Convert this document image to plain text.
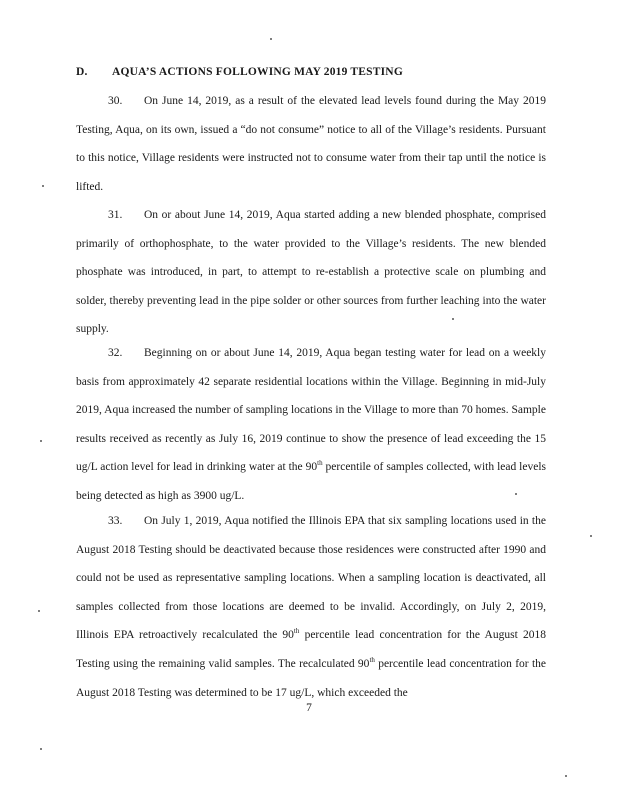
D. AQUA’S ACTIONS FOLLOWING MAY 2019 TESTING
30. On June 14, 2019, as a result of the elevated lead levels found during the May 2019 Testing, Aqua, on its own, issued a “do not consume” notice to all of the Village’s residents. Pursuant to this notice, Village residents were instructed not to consume water from their tap until the notice is lifted.
31. On or about June 14, 2019, Aqua started adding a new blended phosphate, comprised primarily of orthophosphate, to the water provided to the Village’s residents. The new blended phosphate was introduced, in part, to attempt to re-establish a protective scale on plumbing and solder, thereby preventing lead in the pipe solder or other sources from further leaching into the water supply.
32. Beginning on or about June 14, 2019, Aqua began testing water for lead on a weekly basis from approximately 42 separate residential locations within the Village. Beginning in mid-July 2019, Aqua increased the number of sampling locations in the Village to more than 70 homes. Sample results received as recently as July 16, 2019 continue to show the presence of lead exceeding the 15 ug/L action level for lead in drinking water at the 90th percentile of samples collected, with lead levels being detected as high as 3900 ug/L.
33. On July 1, 2019, Aqua notified the Illinois EPA that six sampling locations used in the August 2018 Testing should be deactivated because those residences were constructed after 1990 and could not be used as representative sampling locations. When a sampling location is deactivated, all samples collected from those locations are deemed to be invalid. Accordingly, on July 2, 2019, Illinois EPA retroactively recalculated the 90th percentile lead concentration for the August 2018 Testing using the remaining valid samples. The recalculated 90th percentile lead concentration for the August 2018 Testing was determined to be 17 ug/L, which exceeded the
7
